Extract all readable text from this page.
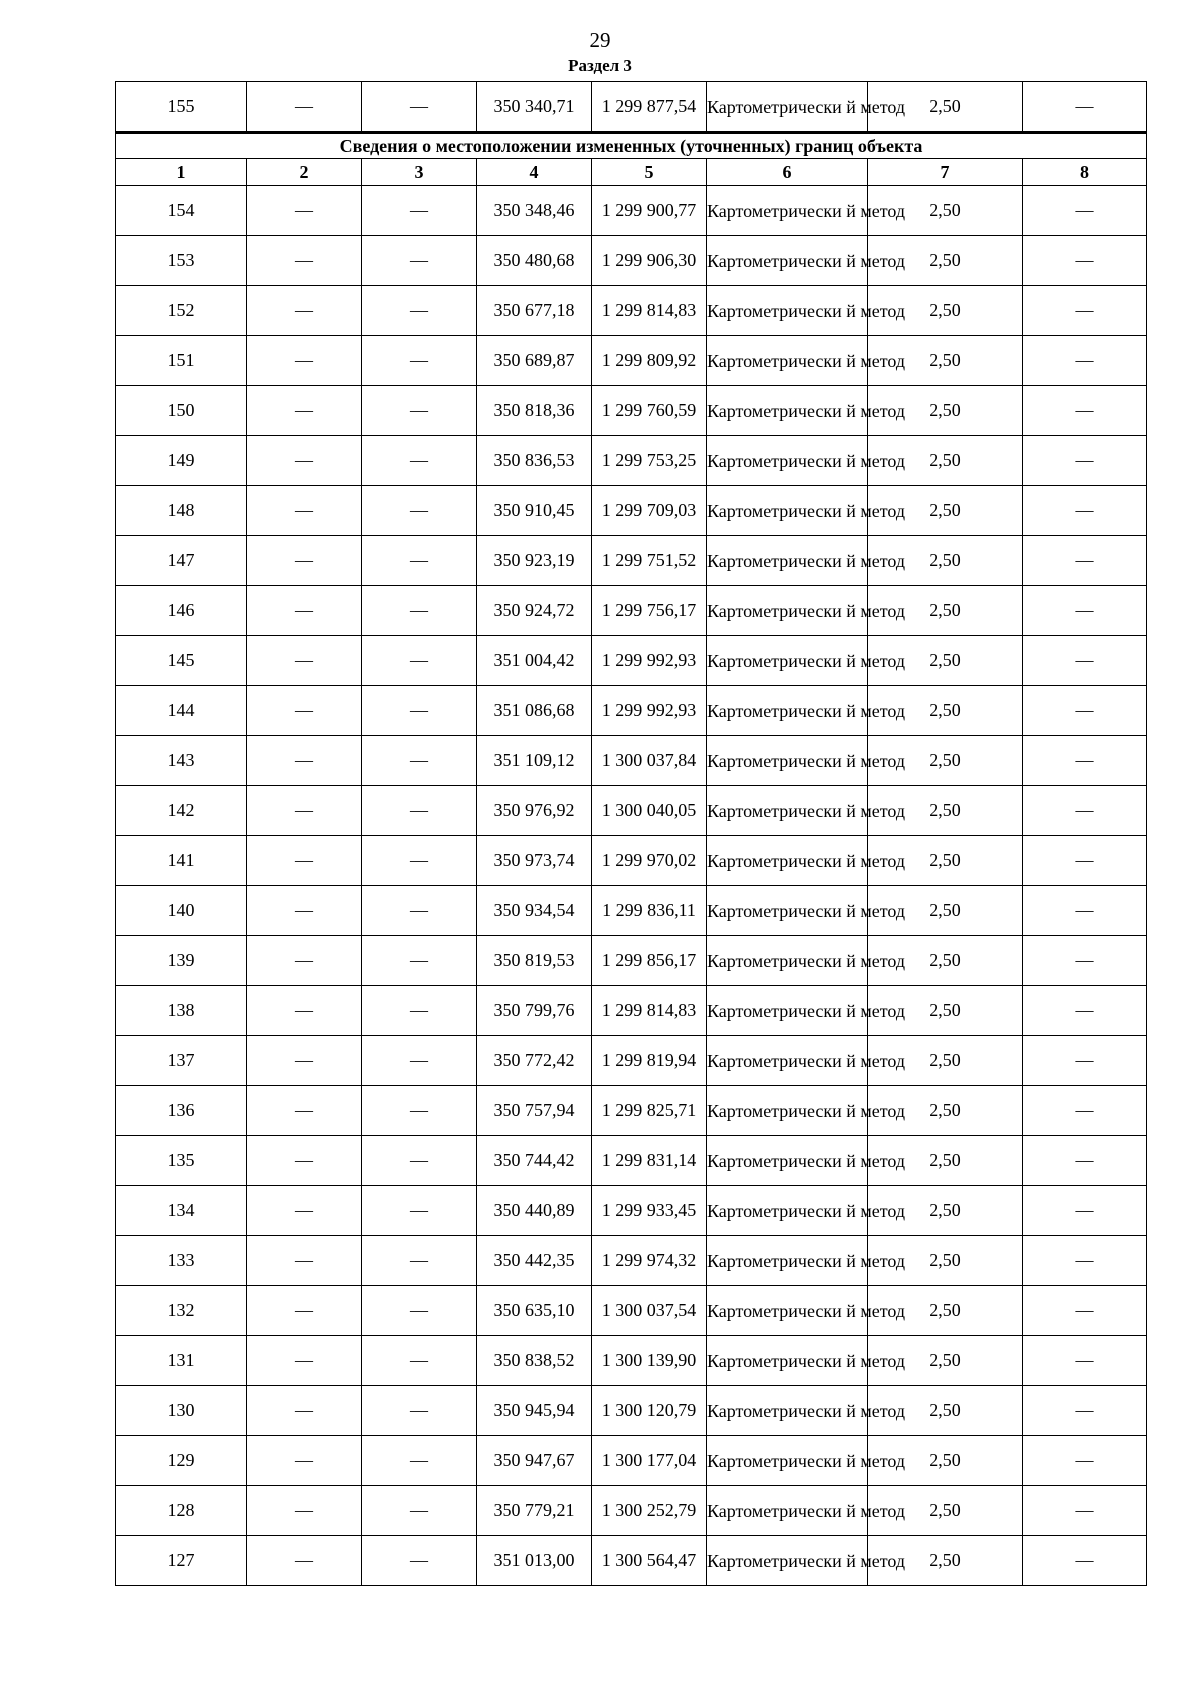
29
Раздел 3
155	—	—	350 340,71	1 299 877,54	Картометрически й метод	2,50	—
Сведения о местоположении измененных (уточненных) границ объекта							
1	2	3	4	5	6	7	8
154	—	—	350 348,46	1 299 900,77	Картометрически й метод	2,50	—
153	—	—	350 480,68	1 299 906,30	Картометрически й метод	2,50	—
152	—	—	350 677,18	1 299 814,83	Картометрически й метод	2,50	—
151	—	—	350 689,87	1 299 809,92	Картометрически й метод	2,50	—
150	—	—	350 818,36	1 299 760,59	Картометрически й метод	2,50	—
149	—	—	350 836,53	1 299 753,25	Картометрически й метод	2,50	—
148	—	—	350 910,45	1 299 709,03	Картометрически й метод	2,50	—
147	—	—	350 923,19	1 299 751,52	Картометрически й метод	2,50	—
146	—	—	350 924,72	1 299 756,17	Картометрически й метод	2,50	—
145	—	—	351 004,42	1 299 992,93	Картометрически й метод	2,50	—
144	—	—	351 086,68	1 299 992,93	Картометрически й метод	2,50	—
143	—	—	351 109,12	1 300 037,84	Картометрически й метод	2,50	—
142	—	—	350 976,92	1 300 040,05	Картометрически й метод	2,50	—
141	—	—	350 973,74	1 299 970,02	Картометрически й метод	2,50	—
140	—	—	350 934,54	1 299 836,11	Картометрически й метод	2,50	—
139	—	—	350 819,53	1 299 856,17	Картометрически й метод	2,50	—
138	—	—	350 799,76	1 299 814,83	Картометрически й метод	2,50	—
137	—	—	350 772,42	1 299 819,94	Картометрически й метод	2,50	—
136	—	—	350 757,94	1 299 825,71	Картометрически й метод	2,50	—
135	—	—	350 744,42	1 299 831,14	Картометрически й метод	2,50	—
134	—	—	350 440,89	1 299 933,45	Картометрически й метод	2,50	—
133	—	—	350 442,35	1 299 974,32	Картометрически й метод	2,50	—
132	—	—	350 635,10	1 300 037,54	Картометрически й метод	2,50	—
131	—	—	350 838,52	1 300 139,90	Картометрически й метод	2,50	—
130	—	—	350 945,94	1 300 120,79	Картометрически й метод	2,50	—
129	—	—	350 947,67	1 300 177,04	Картометрически й метод	2,50	—
128	—	—	350 779,21	1 300 252,79	Картометрически й метод	2,50	—
127	—	—	351 013,00	1 300 564,47	Картометрически й метод	2,50	—
